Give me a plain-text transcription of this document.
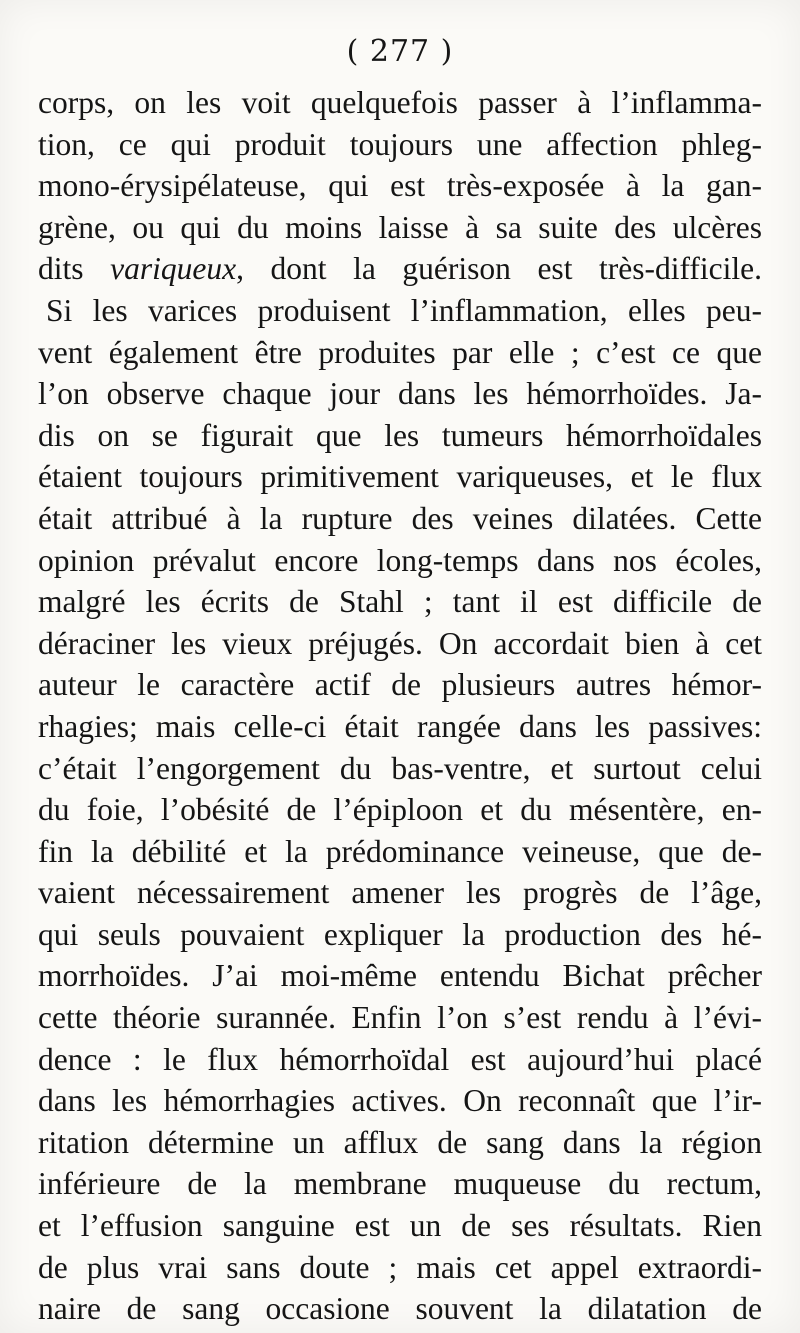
( 277 )
corps, on les voit quelquefois passer à l’inflamma-
tion, ce qui produit toujours une affection phleg-
mono-érysipélateuse, qui est très-exposée à la gan-
grène, ou qui du moins laisse à sa suite des ulcères
dits variqueux, dont la guérison est très-difficile.
Si les varices produisent l’inflammation, elles peu-
vent également être produites par elle ; c’est ce que
l’on observe chaque jour dans les hémorrhoïdes. Ja-
dis on se figurait que les tumeurs hémorrhoïdales
étaient toujours primitivement variqueuses, et le flux
était attribué à la rupture des veines dilatées. Cette
opinion prévalut encore long-temps dans nos écoles,
malgré les écrits de Stahl ; tant il est difficile de
déraciner les vieux préjugés. On accordait bien à cet
auteur le caractère actif de plusieurs autres hémor-
rhagies; mais celle-ci était rangée dans les passives:
c’était l’engorgement du bas-ventre, et surtout celui
du foie, l’obésité de l’épiploon et du mésentère, en-
fin la débilité et la prédominance veineuse, que de-
vaient nécessairement amener les progrès de l’âge,
qui seuls pouvaient expliquer la production des hé-
morrhoïdes. J’ai moi-même entendu Bichat prêcher
cette théorie surannée. Enfin l’on s’est rendu à l’évi-
dence : le flux hémorrhoïdal est aujourd’hui placé
dans les hémorrhagies actives. On reconnaît que l’ir-
ritation détermine un afflux de sang dans la région
inférieure de la membrane muqueuse du rectum,
et l’effusion sanguine est un de ses résultats. Rien
de plus vrai sans doute ; mais cet appel extraordi-
naire de sang occasione souvent la dilatation de
